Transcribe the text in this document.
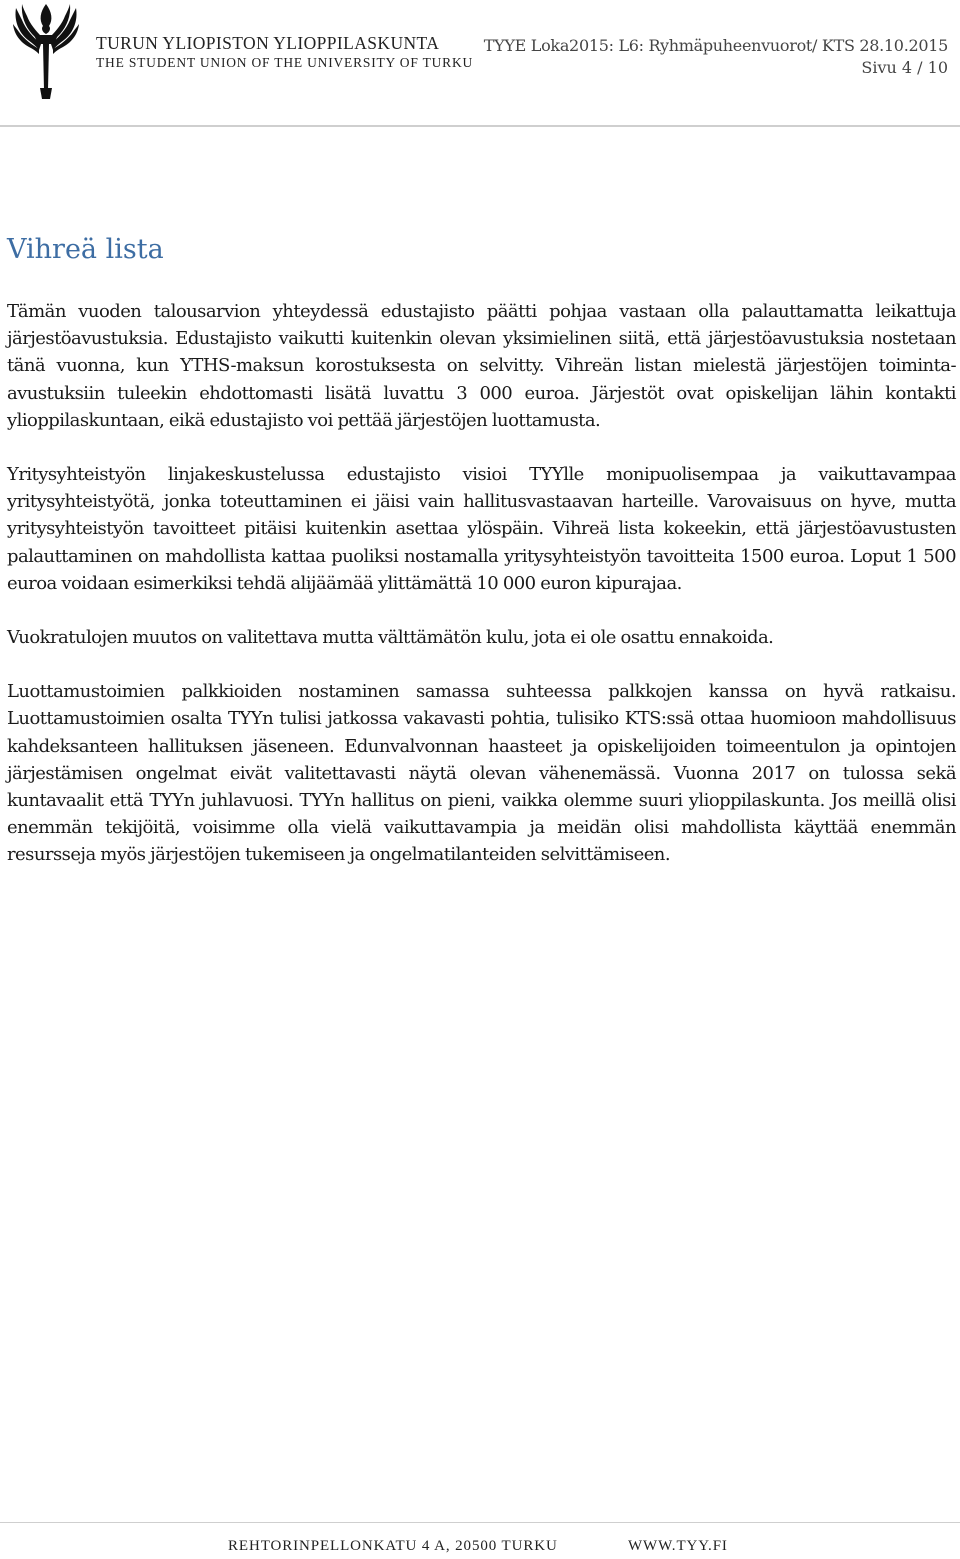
TURUN YLIOPISTON YLIOPPILASKUNTA
THE STUDENT UNION OF THE UNIVERSITY OF TURKU
TYYE Loka2015: L6: Ryhmäpuheenvuorot/ KTS 28.10.2015
Sivu 4 / 10
Vihreä lista

Tämän vuoden talousarvion yhteydessä edustajisto päätti pohjaa vastaan olla palauttamatta leikattuja järjestöavustuksia. Edustajisto vaikutti kuitenkin olevan yksimielinen siitä, että järjestöavustuksia nostetaan tänä vuonna, kun YTHS-maksun korostuksesta on selvitty. Vihreän listan mielestä järjestöjen toiminta-avustuksiin tuleekin ehdottomasti lisätä luvattu 3 000 euroa. Järjestöt ovat opiskelijan lähin kontakti ylioppilaskuntaan, eikä edustajisto voi pettää järjestöjen luottamusta.

Yritysyhteistyön linjakeskustelussa edustajisto visioi TYYlle monipuolisempaa ja vaikuttavampaa yritysyhteistyötä, jonka toteuttaminen ei jäisi vain hallitusvastaavan harteille. Varovaisuus on hyve, mutta yritysyhteistyön tavoitteet pitäisi kuitenkin asettaa ylöspäin. Vihreä lista kokeekin, että järjestöavustusten palauttaminen on mahdollista kattaa puoliksi nostamalla yritysyhteistyön tavoitteita 1500 euroa. Loput 1 500 euroa voidaan esimerkiksi tehdä alijäämää ylittämättä 10 000 euron kipurajaa.

Vuokratulojen muutos on valitettava mutta välttämätön kulu, jota ei ole osattu ennakoida.

Luottamustoimien palkkioiden nostaminen samassa suhteessa palkkojen kanssa on hyvä ratkaisu. Luottamustoimien osalta TYYn tulisi jatkossa vakavasti pohtia, tulisiko KTS:ssä ottaa huomioon mahdollisuus kahdeksanteen hallituksen jäseneen. Edunvalvonnan haasteet ja opiskelijoiden toimeentulon ja opintojen järjestämisen ongelmat eivät valitettavasti näytä olevan vähenemässä. Vuonna 2017 on tulossa sekä kuntavaalit että TYYn juhlavuosi. TYYn hallitus on pieni, vaikka olemme suuri ylioppilaskunta. Jos meillä olisi enemmän tekijöitä, voisimme olla vielä vaikuttavampia ja meidän olisi mahdollista käyttää enemmän resursseja myös järjestöjen tukemiseen ja ongelmatilanteiden selvittämiseen.

REHTORINPELLONKATU 4 A, 20500 TURKU	WWW.TYY.FI
